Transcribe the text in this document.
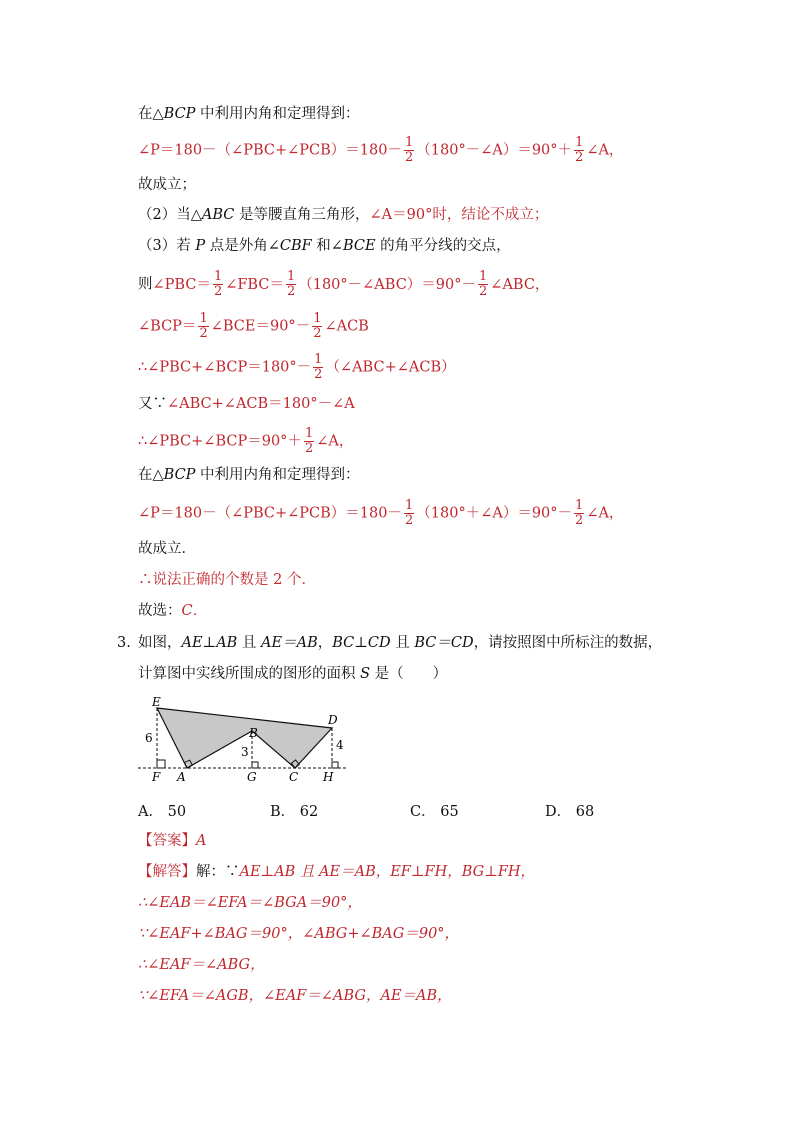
在△BCP 中利用内角和定理得到：
∠P＝180－（∠PBC+∠PCB）＝180－ $\frac{1}{2}$ （180°－∠A）＝90°＋ $\frac{1}{2}$ ∠A，
故成立；
（2）当△ABC 是等腰直角三角形，∠A＝90°时，结论不成立；
（3）若 P 点是外角∠CBF 和∠BCE 的角平分线的交点，
则∠PBC＝ $\frac{1}{2}$ ∠FBC＝ $\frac{1}{2}$ （180°－∠ABC）＝90°－ $\frac{1}{2}$ ∠ABC，
∠BCP＝ $\frac{1}{2}$ ∠BCE＝90°－ $\frac{1}{2}$ ∠ACB
∴∠PBC+∠BCP＝180°－ $\frac{1}{2}$ （∠ABC+∠ACB）
又∵∠ABC+∠ACB＝180°－∠A
∴∠PBC+∠BCP＝90°＋ $\frac{1}{2}$ ∠A，
在△BCP 中利用内角和定理得到：
∠P＝180－（∠PBC+∠PCB）＝180－ $\frac{1}{2}$ （180°＋∠A）＝90°－ $\frac{1}{2}$ ∠A，
故成立．
∴说法正确的个数是 2 个．
故选：C．
3. 如图，AE⊥AB 且 AE＝AB，BC⊥CD 且 BC＝CD，请按照图中所标注的数据，
计算图中实线所围成的图形的面积 S 是（　　）
E
D
B
A
F	G	C H
6
3	4
A． 50	B． 62	C． 65	D． 68
【答案】A
【解答】解：∵AE⊥AB 且 AE＝AB，EF⊥FH，BG⊥FH，
∴∠EAB＝∠EFA＝∠BGA＝90°，
∵∠EAF+∠BAG＝90°，∠ABG+∠BAG＝90°，
∴∠EAF＝∠ABG，
∵∠EFA＝∠AGB，∠EAF＝∠ABG，AE＝AB，
